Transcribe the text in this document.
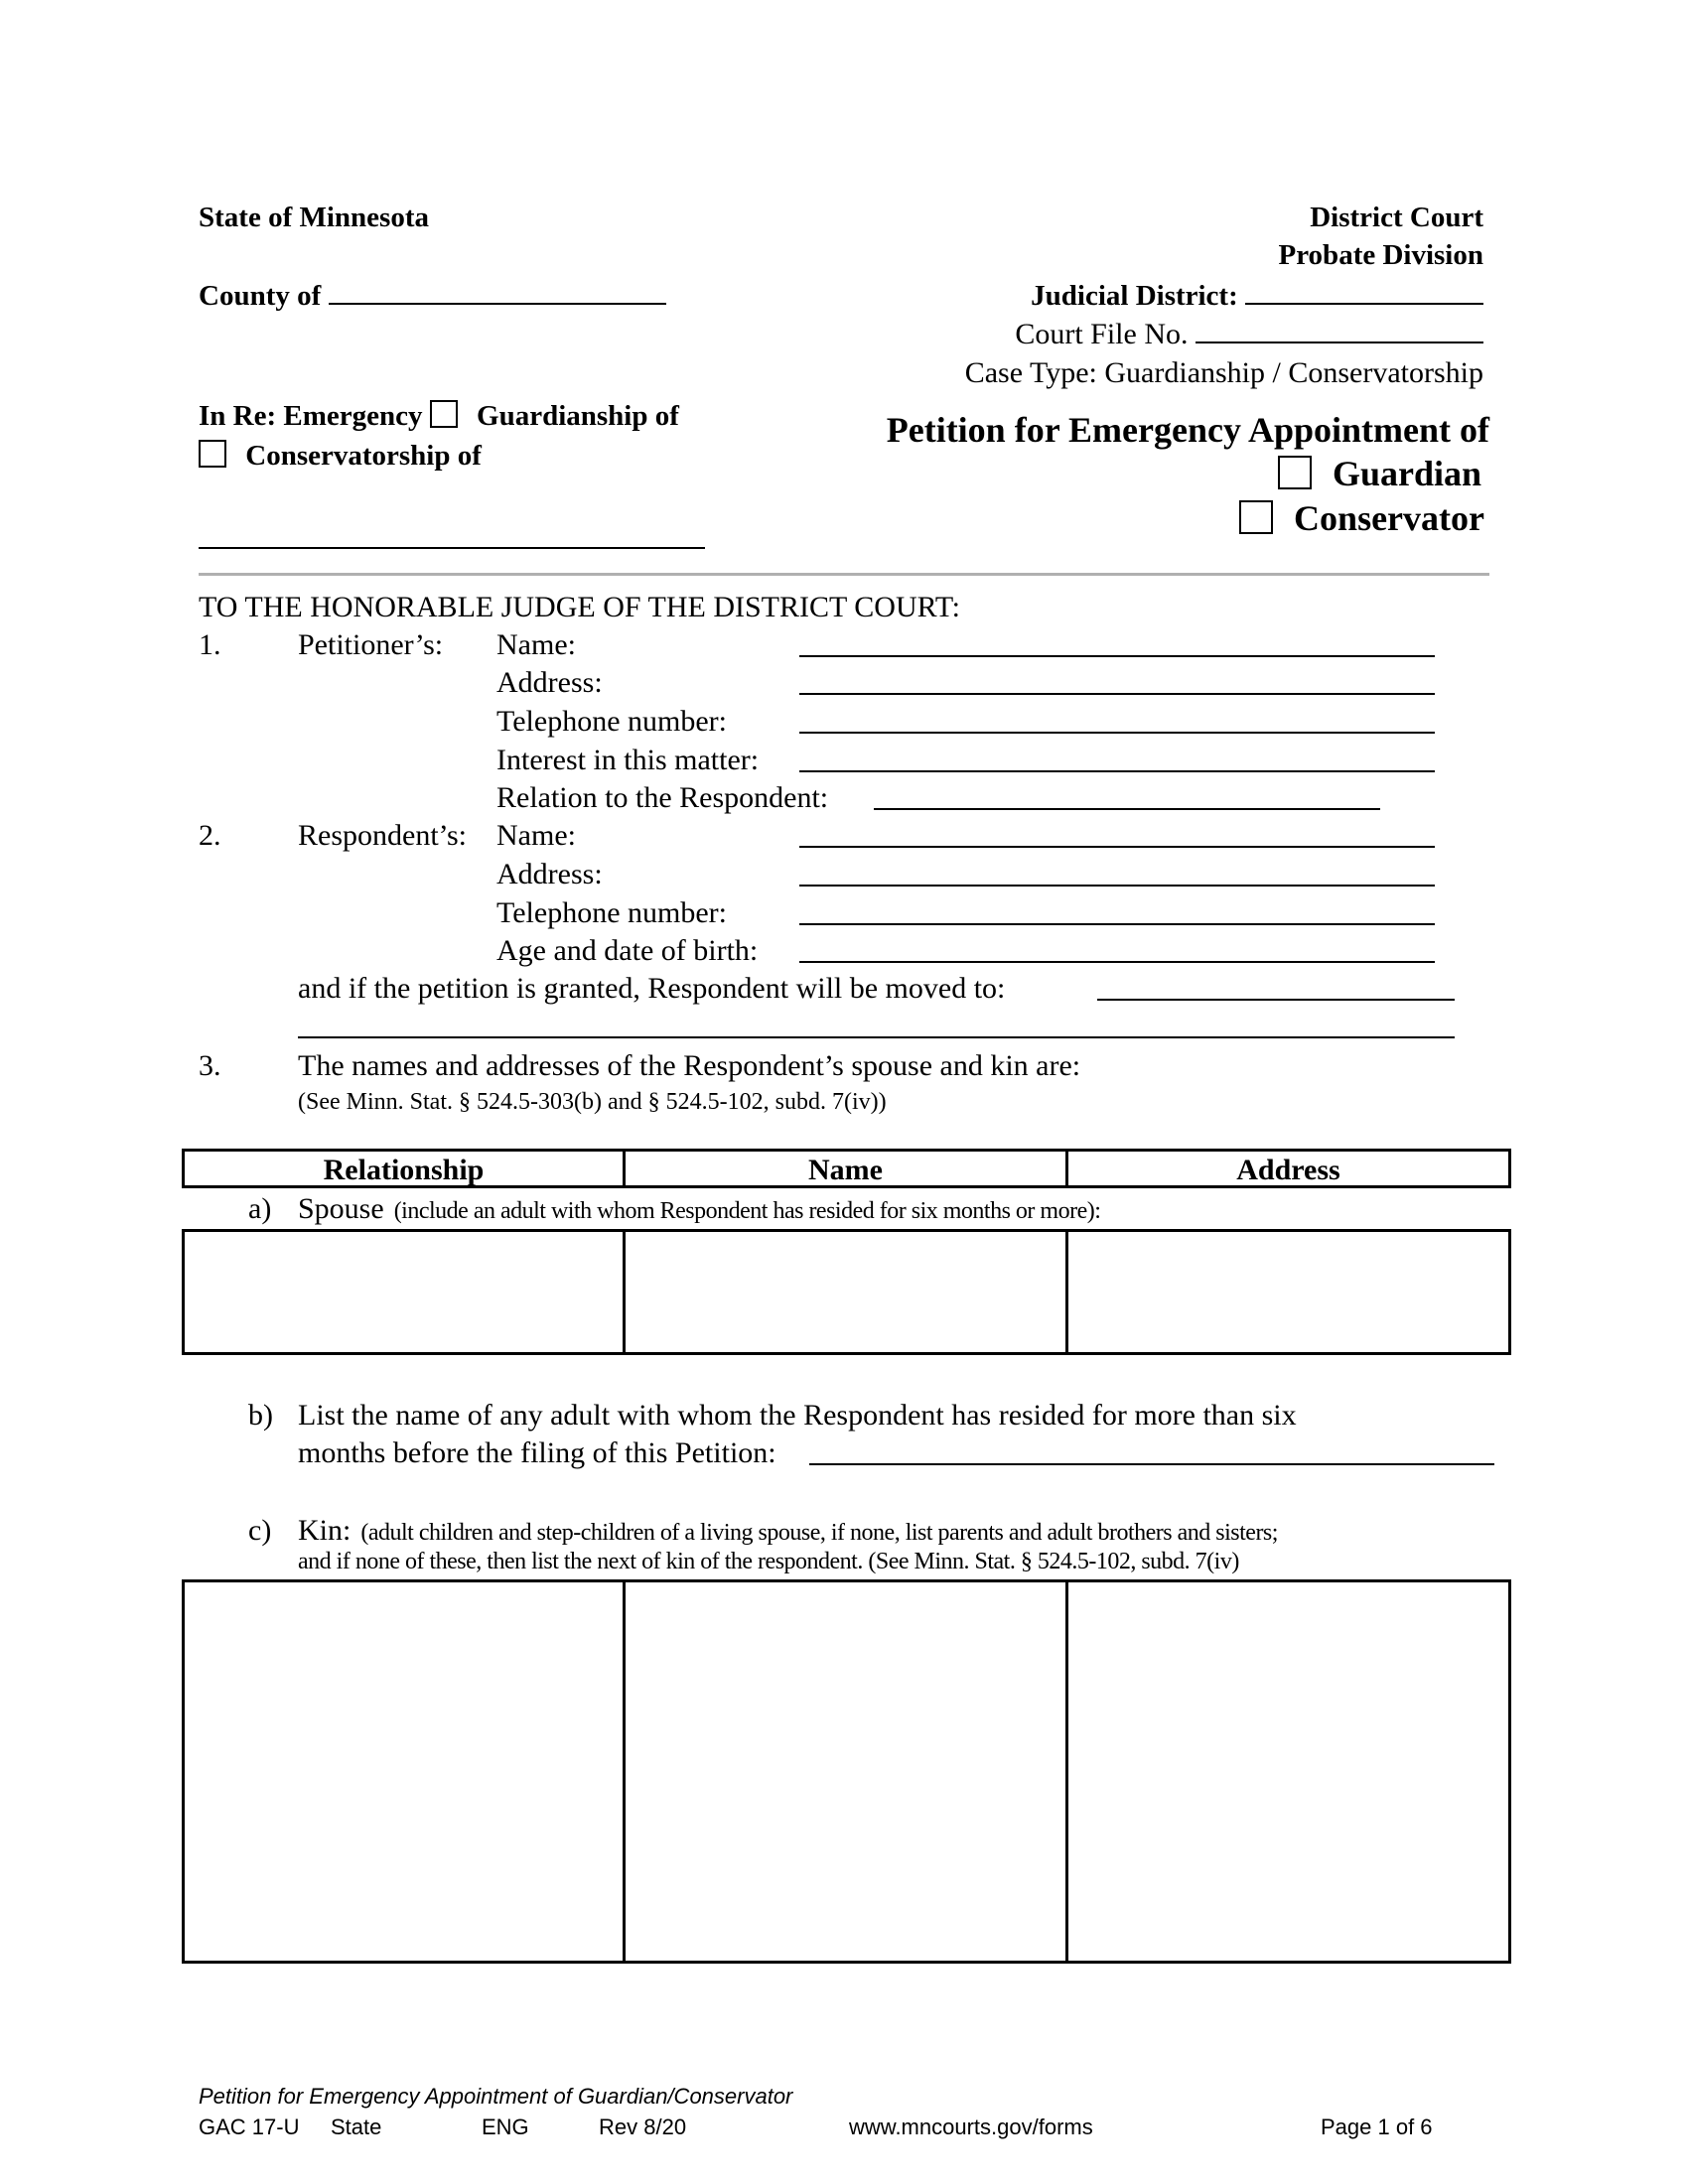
State of Minnesota
County of
District Court
Probate Division
Judicial District:
Court File No.
Case Type: Guardianship / Conservatorship
In Re: Emergency Guardianship of
Conservatorship of
Petition for Emergency Appointment of
Guardian
Conservator
TO THE HONORABLE JUDGE OF THE DISTRICT COURT:
1.	Petitioner’s: Name:
Address:
Telephone number:
Interest in this matter:
Relation to the Respondent:
2.	Respondent’s: Name:
Address:
Telephone number:
Age and date of birth:
and if the petition is granted, Respondent will be moved to:
3.	The names and addresses of the Respondent’s spouse and kin are:
(See Minn. Stat. § 524.5-303(b) and § 524.5-102, subd. 7(iv))
Relationship	Name	Address
a) Spouse (include an adult with whom Respondent has resided for six months or more):
b) List the name of any adult with whom the Respondent has resided for more than six
months before the filing of this Petition:
c) Kin: (adult children and step-children of a living spouse, if none, list parents and adult brothers and sisters;
and if none of these, then list the next of kin of the respondent. (See Minn. Stat. § 524.5-102, subd. 7(iv)
Petition for Emergency Appointment of Guardian/Conservator
GAC 17-U State	ENG	Rev 8/20	www.mncourts.gov/forms	Page 1 of 6
